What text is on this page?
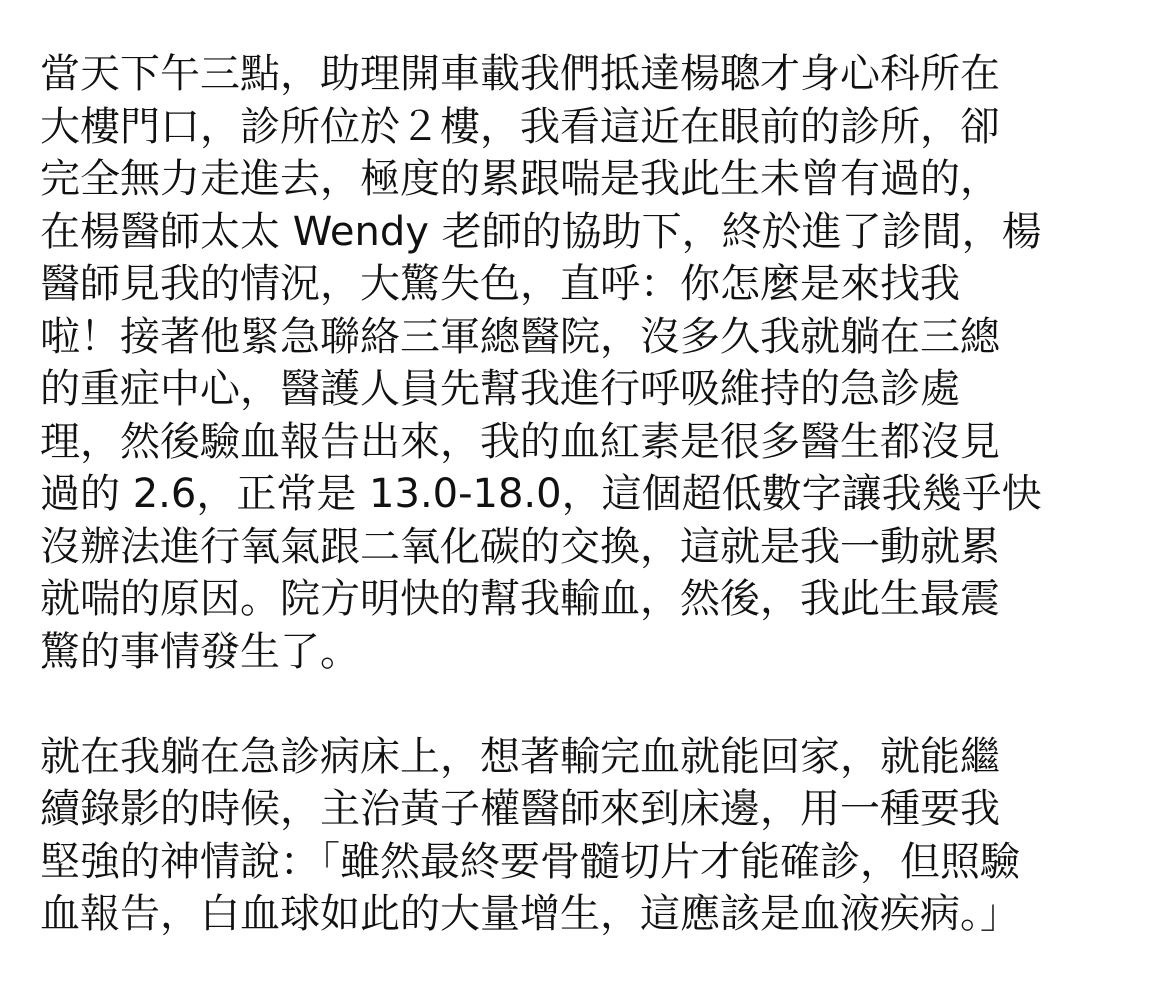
當天下午三點，助理開車載我們抵達楊聰才身心科所在
大樓門口，診所位於２樓，我看這近在眼前的診所，卻
完全無力走進去，極度的累跟喘是我此生未曾有過的，
在楊醫師太太 Wendy 老師的協助下，終於進了診間，楊
醫師見我的情況，大驚失色，直呼：你怎麼是來找我
啦！接著他緊急聯絡三軍總醫院，沒多久我就躺在三總
的重症中心，醫護人員先幫我進行呼吸維持的急診處
理，然後驗血報告出來，我的血紅素是很多醫生都沒見
過的 2.6，正常是 13.0-18.0，這個超低數字讓我幾乎快
沒辦法進行氧氣跟二氧化碳的交換，這就是我一動就累
就喘的原因。院方明快的幫我輸血，然後，我此生最震
驚的事情發生了。
就在我躺在急診病床上，想著輸完血就能回家，就能繼
續錄影的時候，主治黃子權醫師來到床邊，用一種要我
堅強的神情說：「雖然最終要骨髓切片才能確診，但照驗
血報告，白血球如此的大量增生，這應該是血液疾病。」
